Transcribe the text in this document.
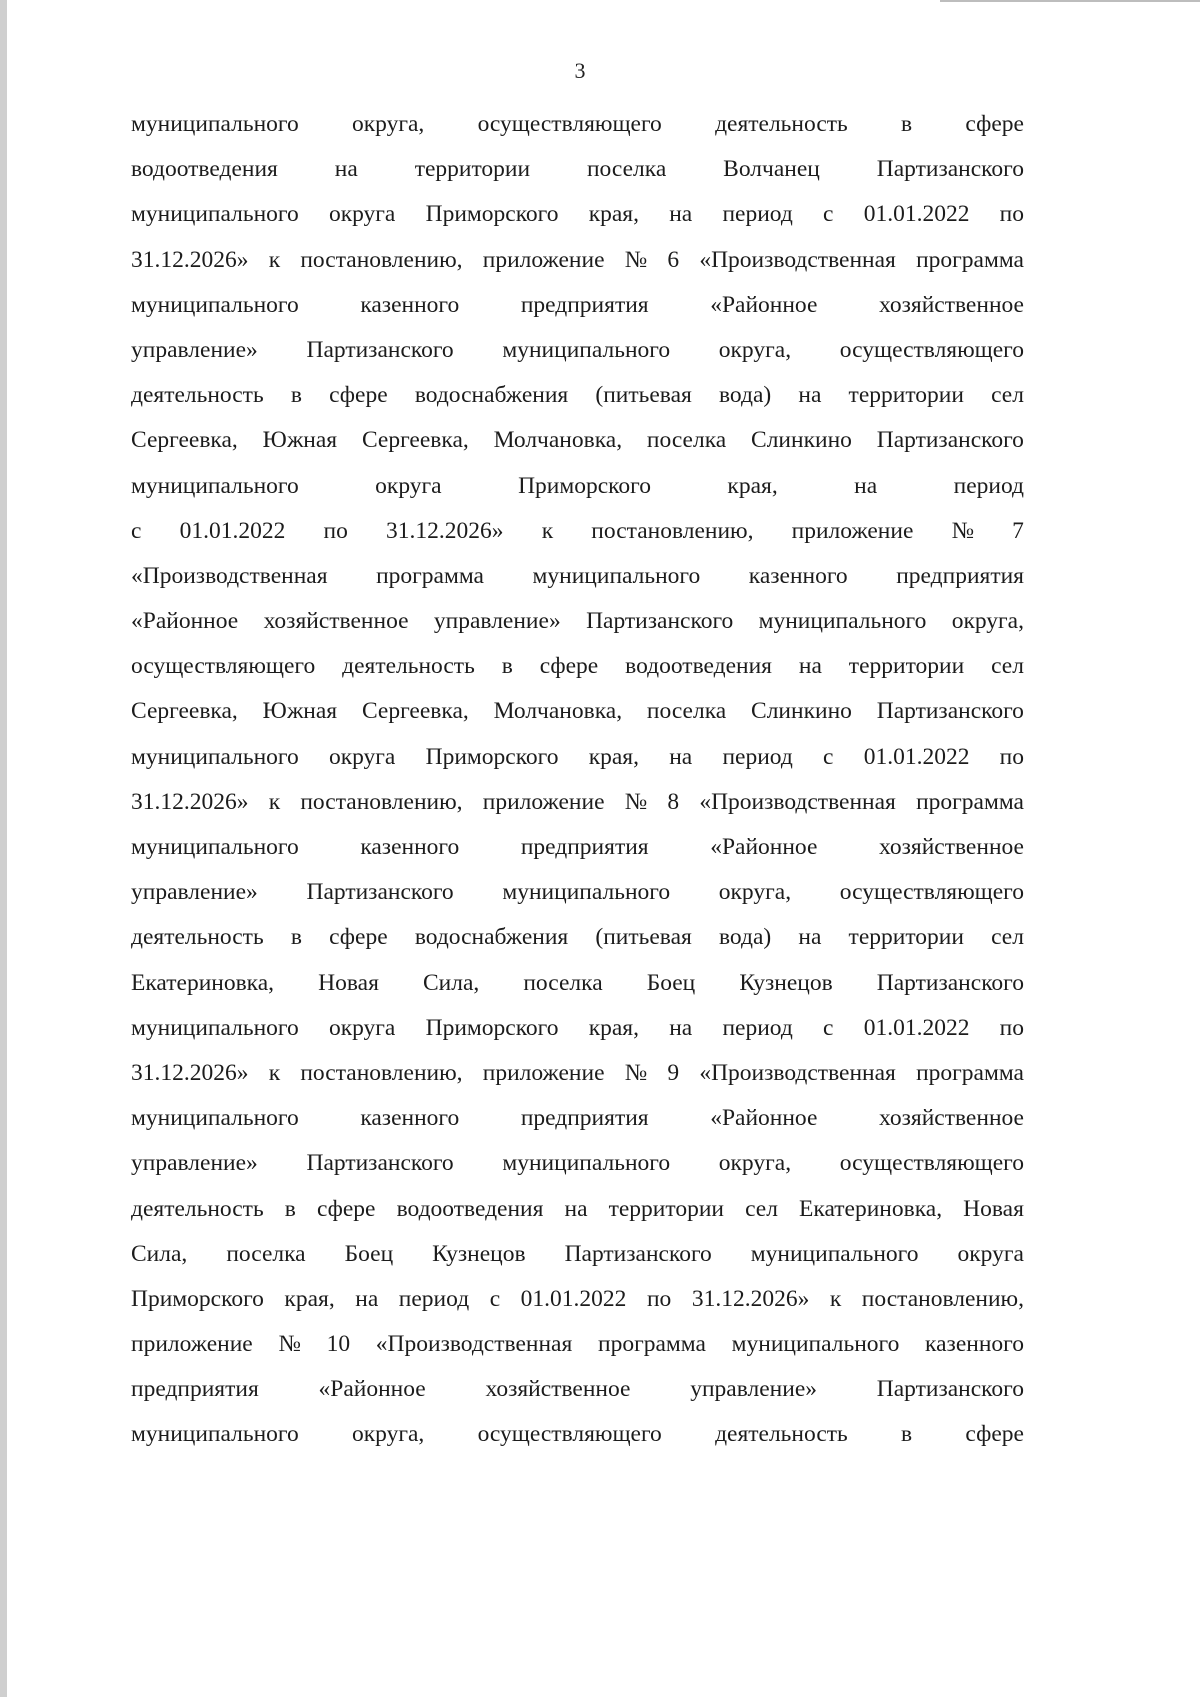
3
муниципального округа, осуществляющего деятельность в сфере
водоотведения на территории поселка Волчанец Партизанского
муниципального округа Приморского края, на период с 01.01.2022 по
31.12.2026» к постановлению, приложение № 6 «Производственная программа
муниципального	казенного	предприятия	«Районное	хозяйственное
управление» Партизанского муниципального округа, осуществляющего
деятельность в сфере водоснабжения (питьевая вода) на территории сел
Сергеевка, Южная Сергеевка, Молчановка, поселка Слинкино Партизанского
муниципального	округа	Приморского	края,	на	период
с 01.01.2022 по 31.12.2026» к постановлению, приложение № 7
«Производственная программа муниципального казенного предприятия
«Районное хозяйственное управление» Партизанского муниципального округа,
осуществляющего деятельность в сфере водоотведения на территории сел
Сергеевка, Южная Сергеевка, Молчановка, поселка Слинкино Партизанского
муниципального округа Приморского края, на период с 01.01.2022 по
31.12.2026» к постановлению, приложение № 8 «Производственная программа
муниципального	казенного	предприятия	«Районное	хозяйственное
управление» Партизанского муниципального округа, осуществляющего
деятельность в сфере водоснабжения (питьевая вода) на территории сел
Екатериновка, Новая Сила, поселка Боец Кузнецов Партизанского
муниципального округа Приморского края, на период с 01.01.2022 по
31.12.2026» к постановлению, приложение № 9 «Производственная программа
муниципального	казенного	предприятия	«Районное	хозяйственное
управление» Партизанского муниципального округа, осуществляющего
деятельность в сфере водоотведения на территории сел Екатериновка, Новая
Сила, поселка Боец Кузнецов Партизанского муниципального округа
Приморского края, на период с 01.01.2022 по 31.12.2026» к постановлению,
приложение № 10 «Производственная программа муниципального казенного
предприятия	«Районное	хозяйственное	управление»	Партизанского
муниципального округа, осуществляющего деятельность в сфере
